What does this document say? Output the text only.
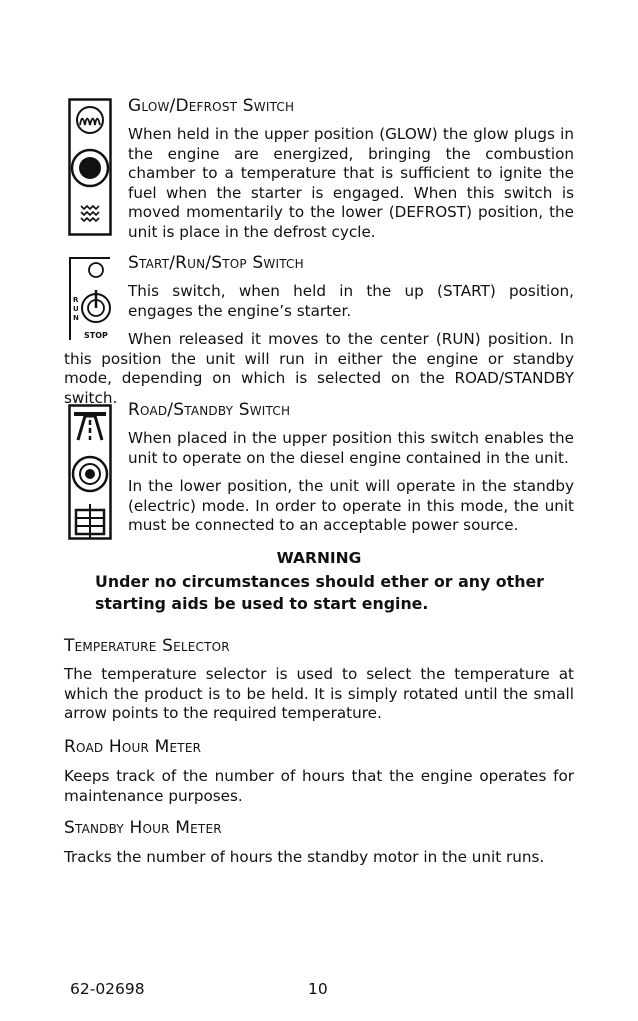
Glow/Defrost Switch
When held in the upper position (GLOW) the glow plugs in the engine are energized, bringing the combustion chamber to a temperature that is sufficient to ignite the fuel when the starter is engaged. When this switch is moved momentarily to the lower (DEFROST) position, the unit is place in the defrost cycle.
R
U
N
STOP
Start/Run/Stop Switch
This switch, when held in the up (START) position, engages the engine’s starter.
When released it moves to the center (RUN) position. In this position the unit will run in either the engine or standby mode, depending on which is selected on the ROAD/STANDBY switch.
Road/Standby Switch
When placed in the upper position this switch enables the unit to operate on the diesel engine contained in the unit.
In the lower position, the unit will operate in the standby (electric) mode. In order to operate in this mode, the unit must be connected to an acceptable power source.
WARNING
Under no circumstances should ether or any other starting aids be used to start engine.
Temperature Selector
The temperature selector is used to select the temperature at which the product is to be held. It is simply rotated until the small arrow points to the required temperature.
Road Hour Meter
Keeps track of the number of hours that the engine operates for maintenance purposes.
Standby Hour Meter
Tracks the number of hours the standby motor in the unit runs.
62-02698	10
